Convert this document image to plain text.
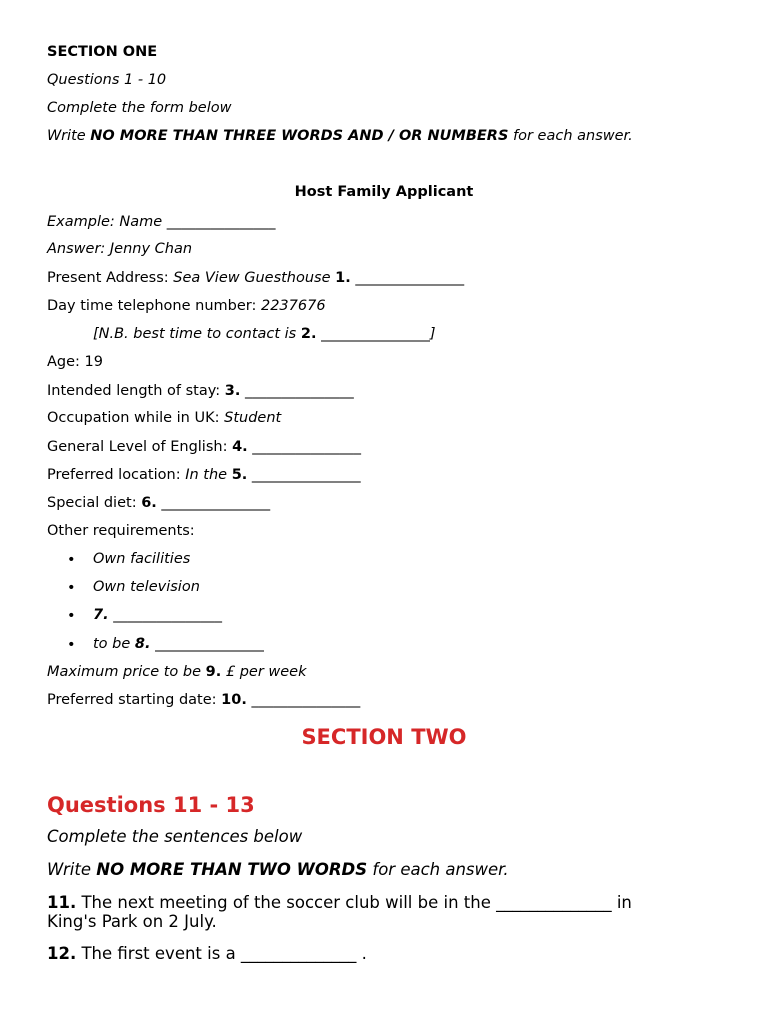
SECTION ONE
Questions 1 - 10
Complete the form below
Write NO MORE THAN THREE WORDS AND / OR NUMBERS for each answer.
Host Family Applicant
Example: Name _______________
Answer: Jenny Chan
Present Address: Sea View Guesthouse 1. _______________
Day time telephone number: 2237676
[N.B. best time to contact is 2. _______________]
Age: 19
Intended length of stay: 3. _______________
Occupation while in UK: Student
General Level of English: 4. _______________
Preferred location: In the 5. _______________
Special diet: 6. _______________
Other requirements:
• Own facilities
• Own television
• 7. _______________
• to be 8. _______________
Maximum price to be 9. £ per week
Preferred starting date: 10. _______________
SECTION TWO
Questions 11 - 13
Complete the sentences below
Write NO MORE THAN TWO WORDS for each answer.
11. The next meeting of the soccer club will be in the ______________ in
King's Park on 2 July.
12. The first event is a ______________ .
